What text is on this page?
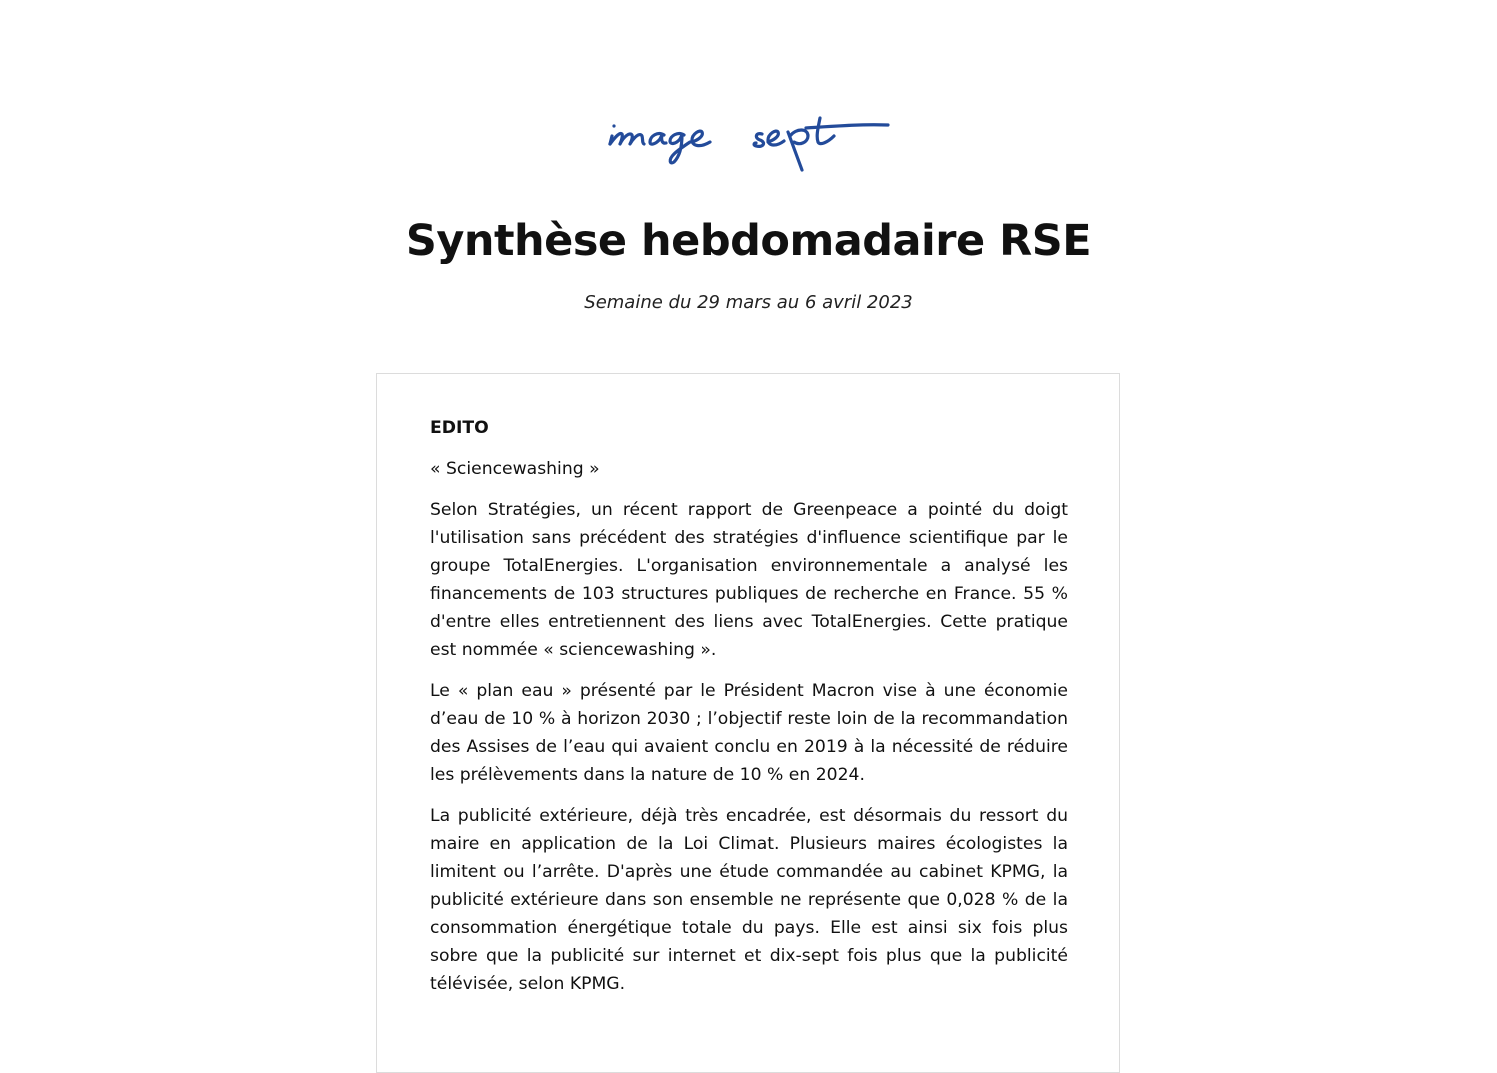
Synthèse hebdomadaire RSE

Semaine du 29 mars au 6 avril 2023

EDITO

« Sciencewashing »

Selon Stratégies, un récent rapport de Greenpeace a pointé du doigt l'utilisation sans précédent des stratégies d'influence scientifique par le groupe TotalEnergies. L'organisation environnementale a analysé les financements de 103 structures publiques de recherche en France. 55 % d'entre elles entretiennent des liens avec TotalEnergies. Cette pratique est nommée « sciencewashing ».

Le « plan eau » présenté par le Président Macron vise à une économie d’eau de 10 % à horizon 2030 ; l’objectif reste loin de la recommandation des Assises de l’eau qui avaient conclu en 2019 à la nécessité de réduire les prélèvements dans la nature de 10 % en 2024.

La publicité extérieure, déjà très encadrée, est désormais du ressort du maire en application de la Loi Climat. Plusieurs maires écologistes la limitent ou l’arrête. D'après une étude commandée au cabinet KPMG, la publicité extérieure dans son ensemble ne représente que 0,028 % de la consommation énergétique totale du pays. Elle est ainsi six fois plus sobre que la publicité sur internet et dix-sept fois plus que la publicité télévisée, selon KPMG.
